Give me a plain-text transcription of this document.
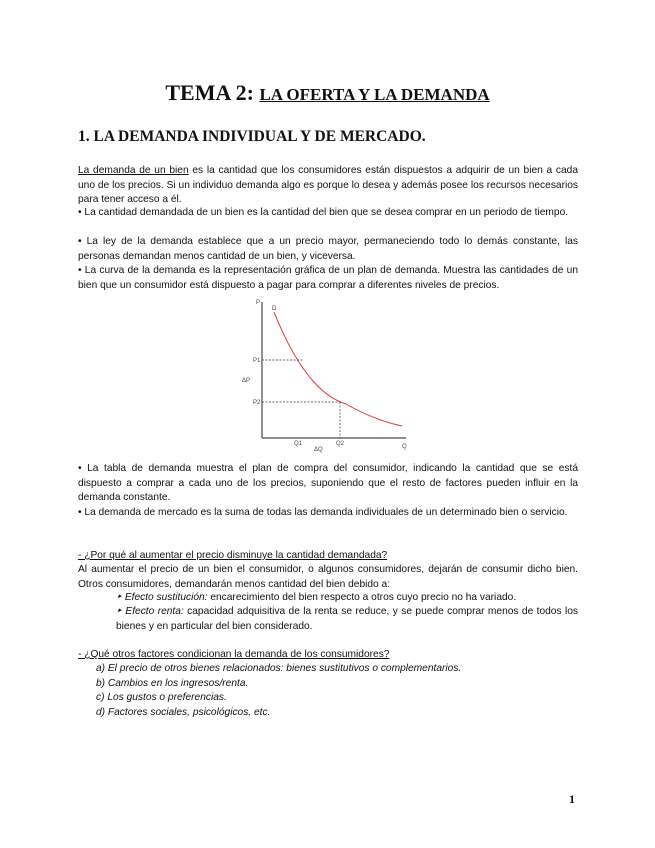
TEMA 2: LA OFERTA Y LA DEMANDA
1. LA DEMANDA INDIVIDUAL Y DE MERCADO.
La demanda de un bien es la cantidad que los consumidores están dispuestos a adquirir de un bien a cada uno de los precios. Si un individuo demanda algo es porque lo desea y además posee los recursos necesarios para tener acceso a él.
• La cantidad demandada de un bien es la cantidad del bien que se desea comprar en un periodo de tiempo.
• La ley de la demanda establece que a un precio mayor, permaneciendo todo lo demás constante, las personas demandan menos cantidad de un bien, y viceversa.
• La curva de la demanda es la representación gráfica de un plan de demanda. Muestra las cantidades de un bien que un consumidor está dispuesto a pagar para comprar a diferentes niveles de precios.
P
Q
D
P1
P2
ΔP
Q1	Q2
ΔQ
• La tabla de demanda muestra el plan de compra del consumidor, indicando la cantidad que se está dispuesto a comprar a cada uno de los precios, suponiendo que el resto de factores pueden influir en la demanda constante.
• La demanda de mercado es la suma de todas las demanda individuales de un determinado bien o servicio.
- ¿Por qué al aumentar el precio disminuye la cantidad demandada?
Al aumentar el precio de un bien el consumidor, o algunos consumidores, dejarán de consumir dicho bien. Otros consumidores, demandarán menos cantidad del bien debido a:
‣ Efecto sustitución: encarecimiento del bien respecto a otros cuyo precio no ha variado.
‣ Efecto renta: capacidad adquisitiva de la renta se reduce, y se puede comprar menos de todos los bienes y en particular del bien considerado.
- ¿Qué otros factores condicionan la demanda de los consumidores?
a) El precio de otros bienes relacionados: bienes sustitutivos o complementarios.
b) Cambios en los ingresos/renta.
c) Los gustos o preferencias.
d) Factores sociales, psicológicos, etc.
1
